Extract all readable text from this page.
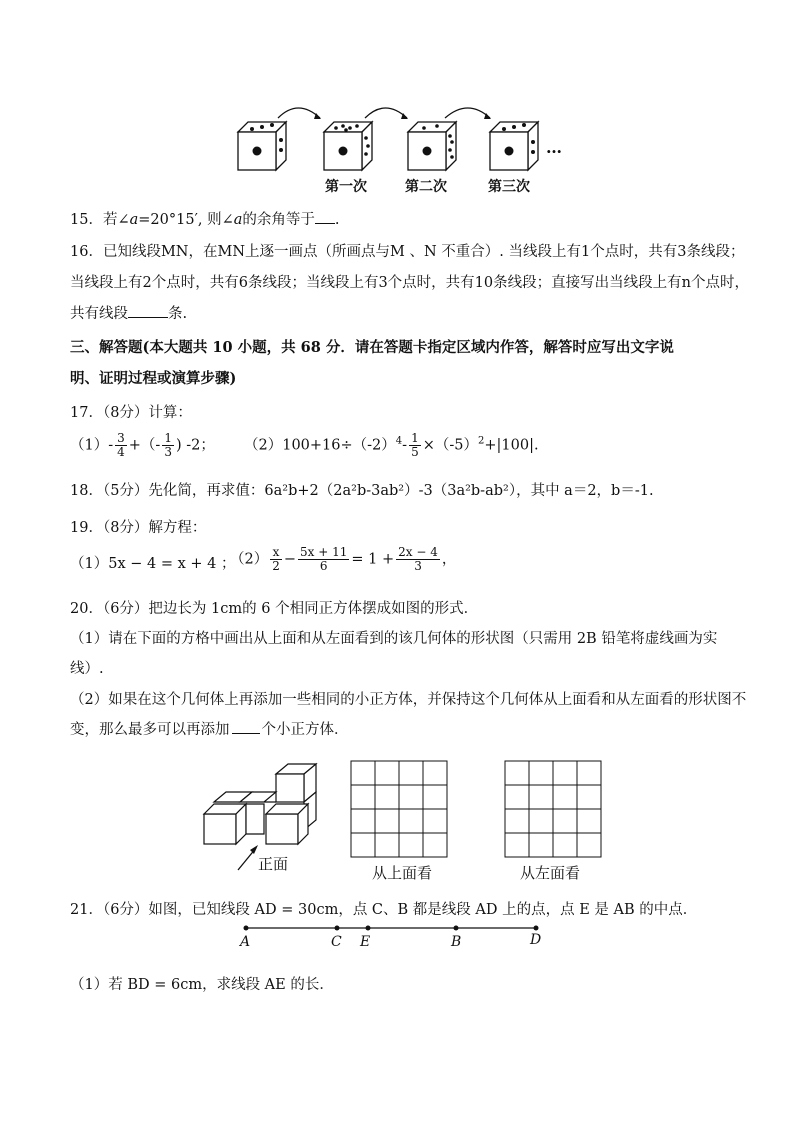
…
第一次	第二次	第三次
15．若∠a=20°15′, 则∠a的余角等于 .
16．已知线段MN，在MN上逐一画点（所画点与M 、N 不重合）. 当线段上有1个点时，共有3条线段；
当线段上有2个点时，共有6条线段；当线段上有3个点时，共有10条线段；直接写出当线段上有n个点时，
共有线段	条.
三、解答题(本大题共 10 小题，共 68 分．请在答题卡指定区域内作答，解答时应写出文字说
明、证明过程或演算步骤)
17．（8分）计算：
$(1)- \frac{3}{4}$ +（- $\frac{1}{3}$ ) -2； $(2)100+16\div(-2)^4- \frac{1}{5} \times(-5)^2+|100|$.
18．（5分）先化简，再求值：6a²b+2（2a²b-3ab²）-3（3a²b-ab²），其中 a＝2，b＝-1.
19．（8分）解方程：
（1）5x − 4 = x + 4 ；
$(2) \frac{x}{2} - \frac{5x + 11}{6} = 1 + \frac{2x - 4}{3}$ ，
20．（6分）把边长为 1cm的 6 个相同正方体摆成如图的形式．
（1）请在下面的方格中画出从上面和从左面看到的该几何体的形状图（只需用 2B 铅笔将虚线画为实
线）.
（2）如果在这个几何体上再添加一些相同的小正方体，并保持这个几何体从上面看和从左面看的形状图不
变，那么最多可以再添加 个小正方体．
正面	从上面看	从左面看
21．（6分）如图，已知线段 AD = 30cm，点 C、B 都是线段 AD 上的点，点 E 是 AB 的中点．
A	C E	B	D
（1）若 BD = 6cm，求线段 AE 的长．
